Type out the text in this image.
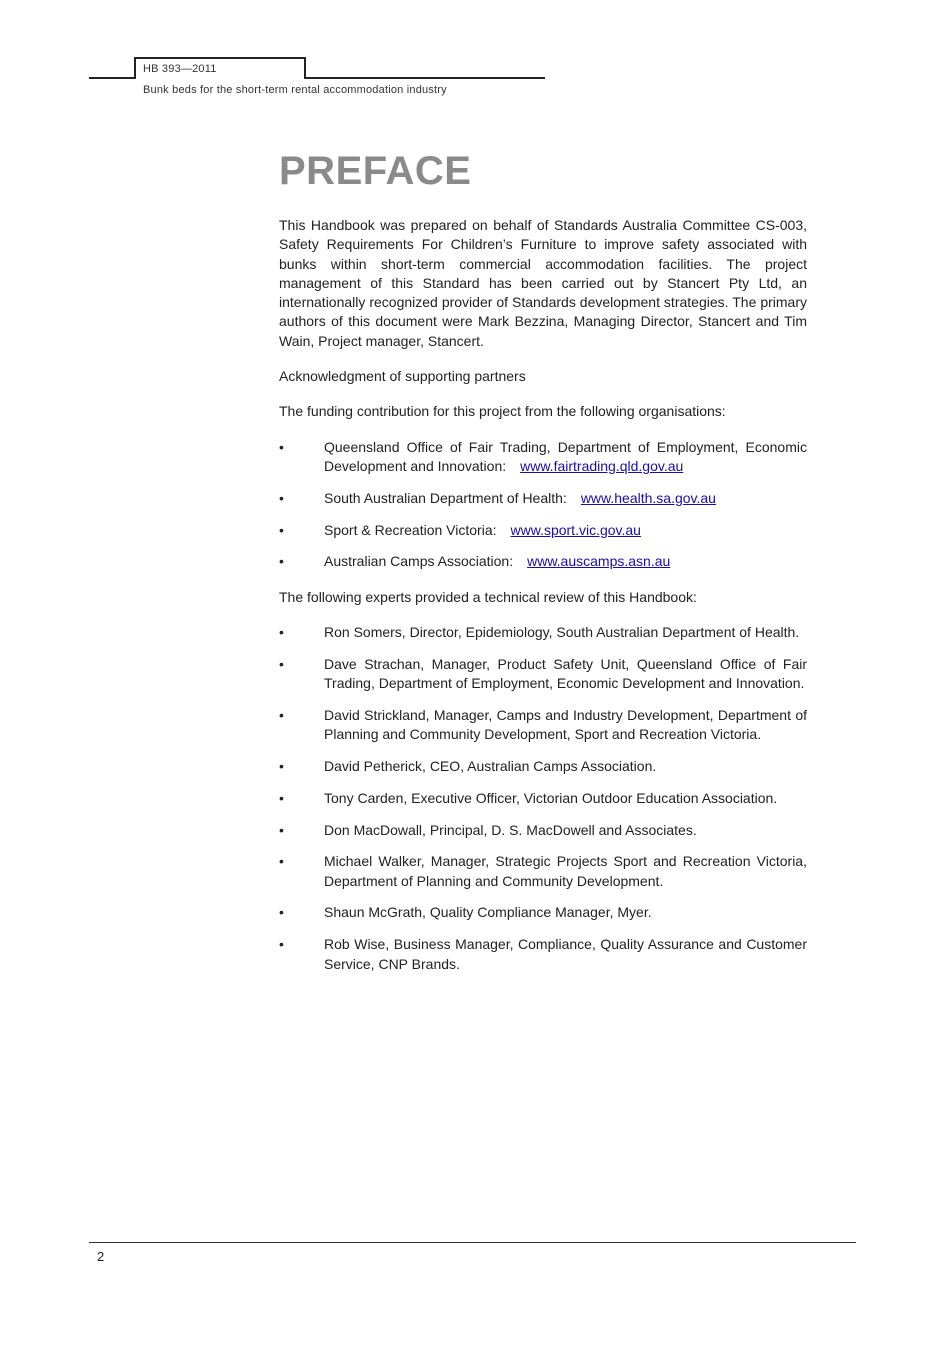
HB 393—2011
Bunk beds for the short-term rental accommodation industry
PREFACE

This Handbook was prepared on behalf of Standards Australia Committee CS-003, Safety Requirements For Children’s Furniture to improve safety associated with bunks within short-term commercial accommodation facilities. The project management of this Standard has been carried out by Stancert Pty Ltd, an internationally recognized provider of Standards development strategies. The primary authors of this document were Mark Bezzina, Managing Director, Stancert and Tim Wain, Project manager, Stancert.

Acknowledgment of supporting partners

The funding contribution for this project from the following organisations:

•	Queensland Office of Fair Trading, Department of Employment, Economic Development and Innovation: www.fairtrading.qld.gov.au
•	South Australian Department of Health: www.health.sa.gov.au
•	Sport & Recreation Victoria: www.sport.vic.gov.au
•	Australian Camps Association: www.auscamps.asn.au

The following experts provided a technical review of this Handbook:

•	Ron Somers, Director, Epidemiology, South Australian Department of Health.
•	Dave Strachan, Manager, Product Safety Unit, Queensland Office of Fair Trading, Department of Employment, Economic Development and Innovation.
•	David Strickland, Manager, Camps and Industry Development, Department of Planning and Community Development, Sport and Recreation Victoria.
•	David Petherick, CEO, Australian Camps Association.
•	Tony Carden, Executive Officer, Victorian Outdoor Education Association.
•	Don MacDowall, Principal, D. S. MacDowell and Associates.
•	Michael Walker, Manager, Strategic Projects Sport and Recreation Victoria, Department of Planning and Community Development.
•	Shaun McGrath, Quality Compliance Manager, Myer.
•	Rob Wise, Business Manager, Compliance, Quality Assurance and Customer Service, CNP Brands.
2
